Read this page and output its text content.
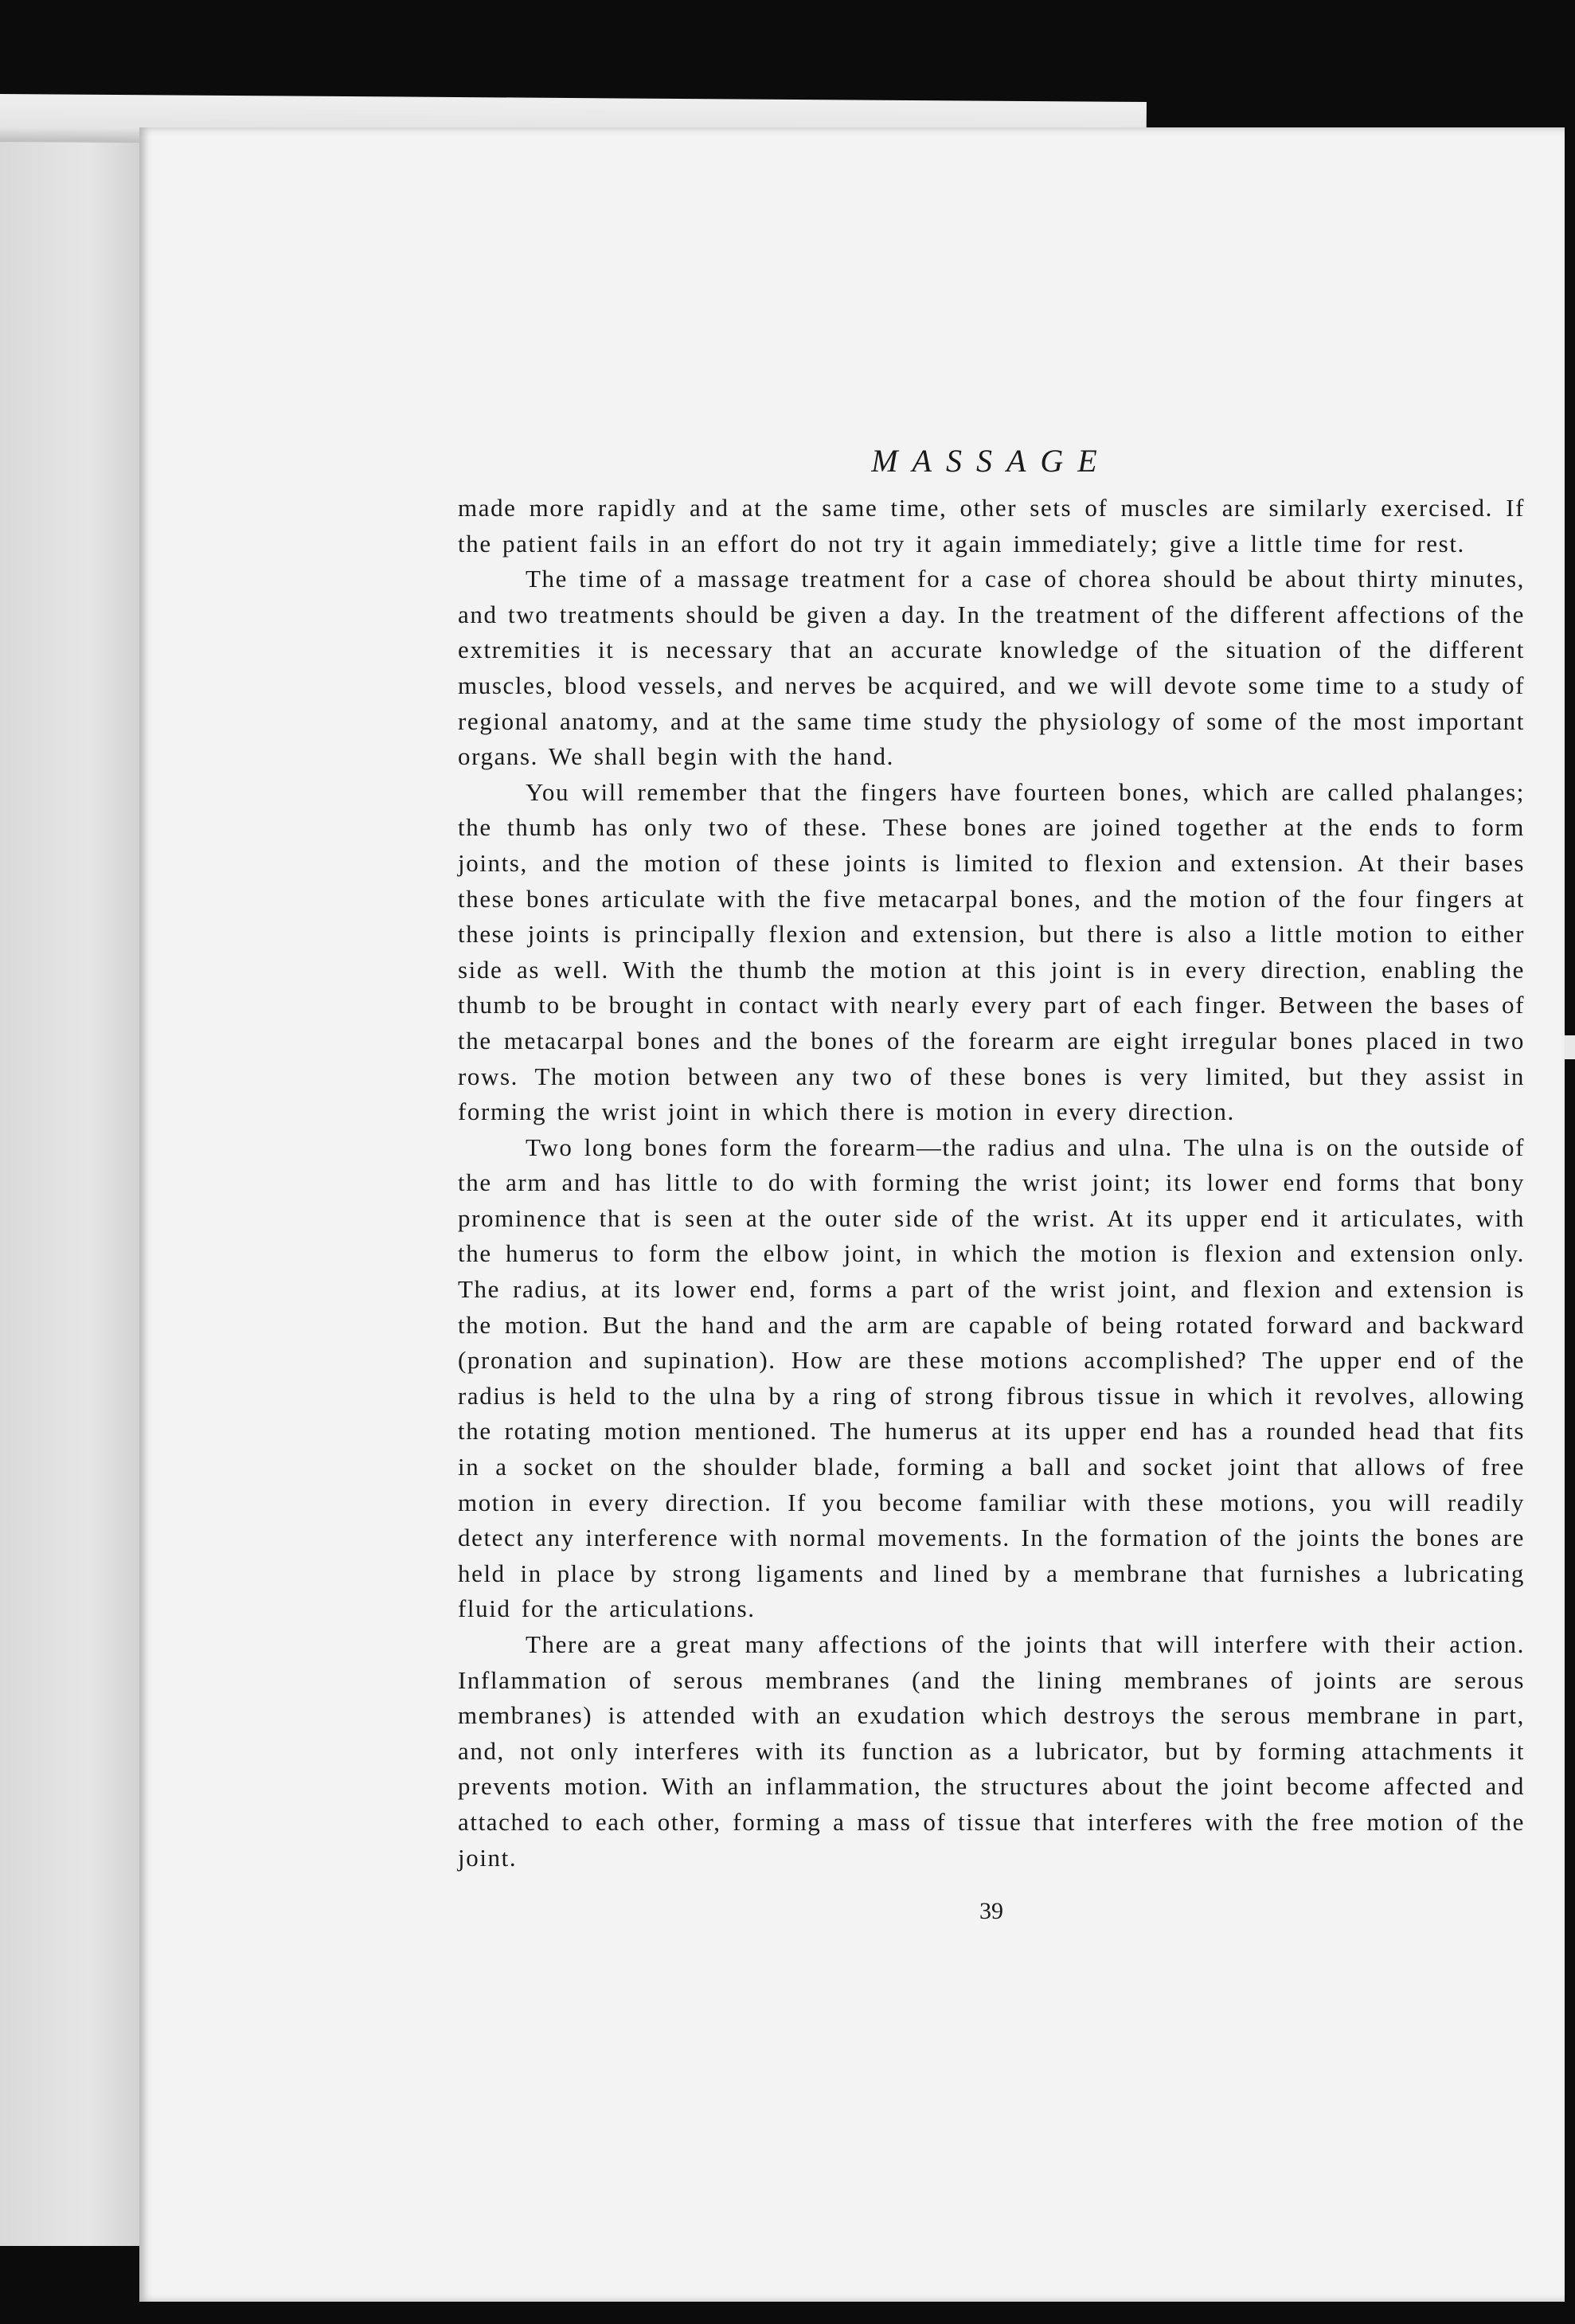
MASSAGE

made more rapidly and at the same time, other sets of muscles are similarly exercised. If the patient fails in an effort do not try it again immediately; give a little time for rest.

The time of a massage treatment for a case of chorea should be about thirty minutes, and two treatments should be given a day. In the treatment of the different affections of the extremities it is necessary that an accurate knowledge of the situation of the different muscles, blood vessels, and nerves be acquired, and we will devote some time to a study of regional anatomy, and at the same time study the physiology of some of the most important organs. We shall begin with the hand.

You will remember that the fingers have fourteen bones, which are called phalanges; the thumb has only two of these. These bones are joined together at the ends to form joints, and the motion of these joints is limited to flexion and extension. At their bases these bones articulate with the five metacarpal bones, and the motion of the four fingers at these joints is principally flexion and extension, but there is also a little motion to either side as well. With the thumb the motion at this joint is in every direction, enabling the thumb to be brought in contact with nearly every part of each finger. Between the bases of the metacarpal bones and the bones of the forearm are eight irregular bones placed in two rows. The motion between any two of these bones is very limited, but they assist in forming the wrist joint in which there is motion in every direction.

Two long bones form the forearm—the radius and ulna. The ulna is on the outside of the arm and has little to do with forming the wrist joint; its lower end forms that bony prominence that is seen at the outer side of the wrist. At its upper end it articulates, with the humerus to form the elbow joint, in which the motion is flexion and extension only. The radius, at its lower end, forms a part of the wrist joint, and flexion and extension is the motion. But the hand and the arm are capable of being rotated forward and backward (pronation and supination). How are these motions accomplished? The upper end of the radius is held to the ulna by a ring of strong fibrous tissue in which it revolves, allowing the rotating motion mentioned. The humerus at its upper end has a rounded head that fits in a socket on the shoulder blade, forming a ball and socket joint that allows of free motion in every direction. If you become familiar with these motions, you will readily detect any interference with normal movements. In the formation of the joints the bones are held in place by strong ligaments and lined by a membrane that furnishes a lubricating fluid for the articulations.

There are a great many affections of the joints that will interfere with their action. Inflammation of serous membranes (and the lining membranes of joints are serous membranes) is attended with an exudation which destroys the serous membrane in part, and, not only interferes with its function as a lubricator, but by forming attachments it prevents motion. With an inflammation, the structures about the joint become affected and attached to each other, forming a mass of tissue that interferes with the free motion of the joint.

39
